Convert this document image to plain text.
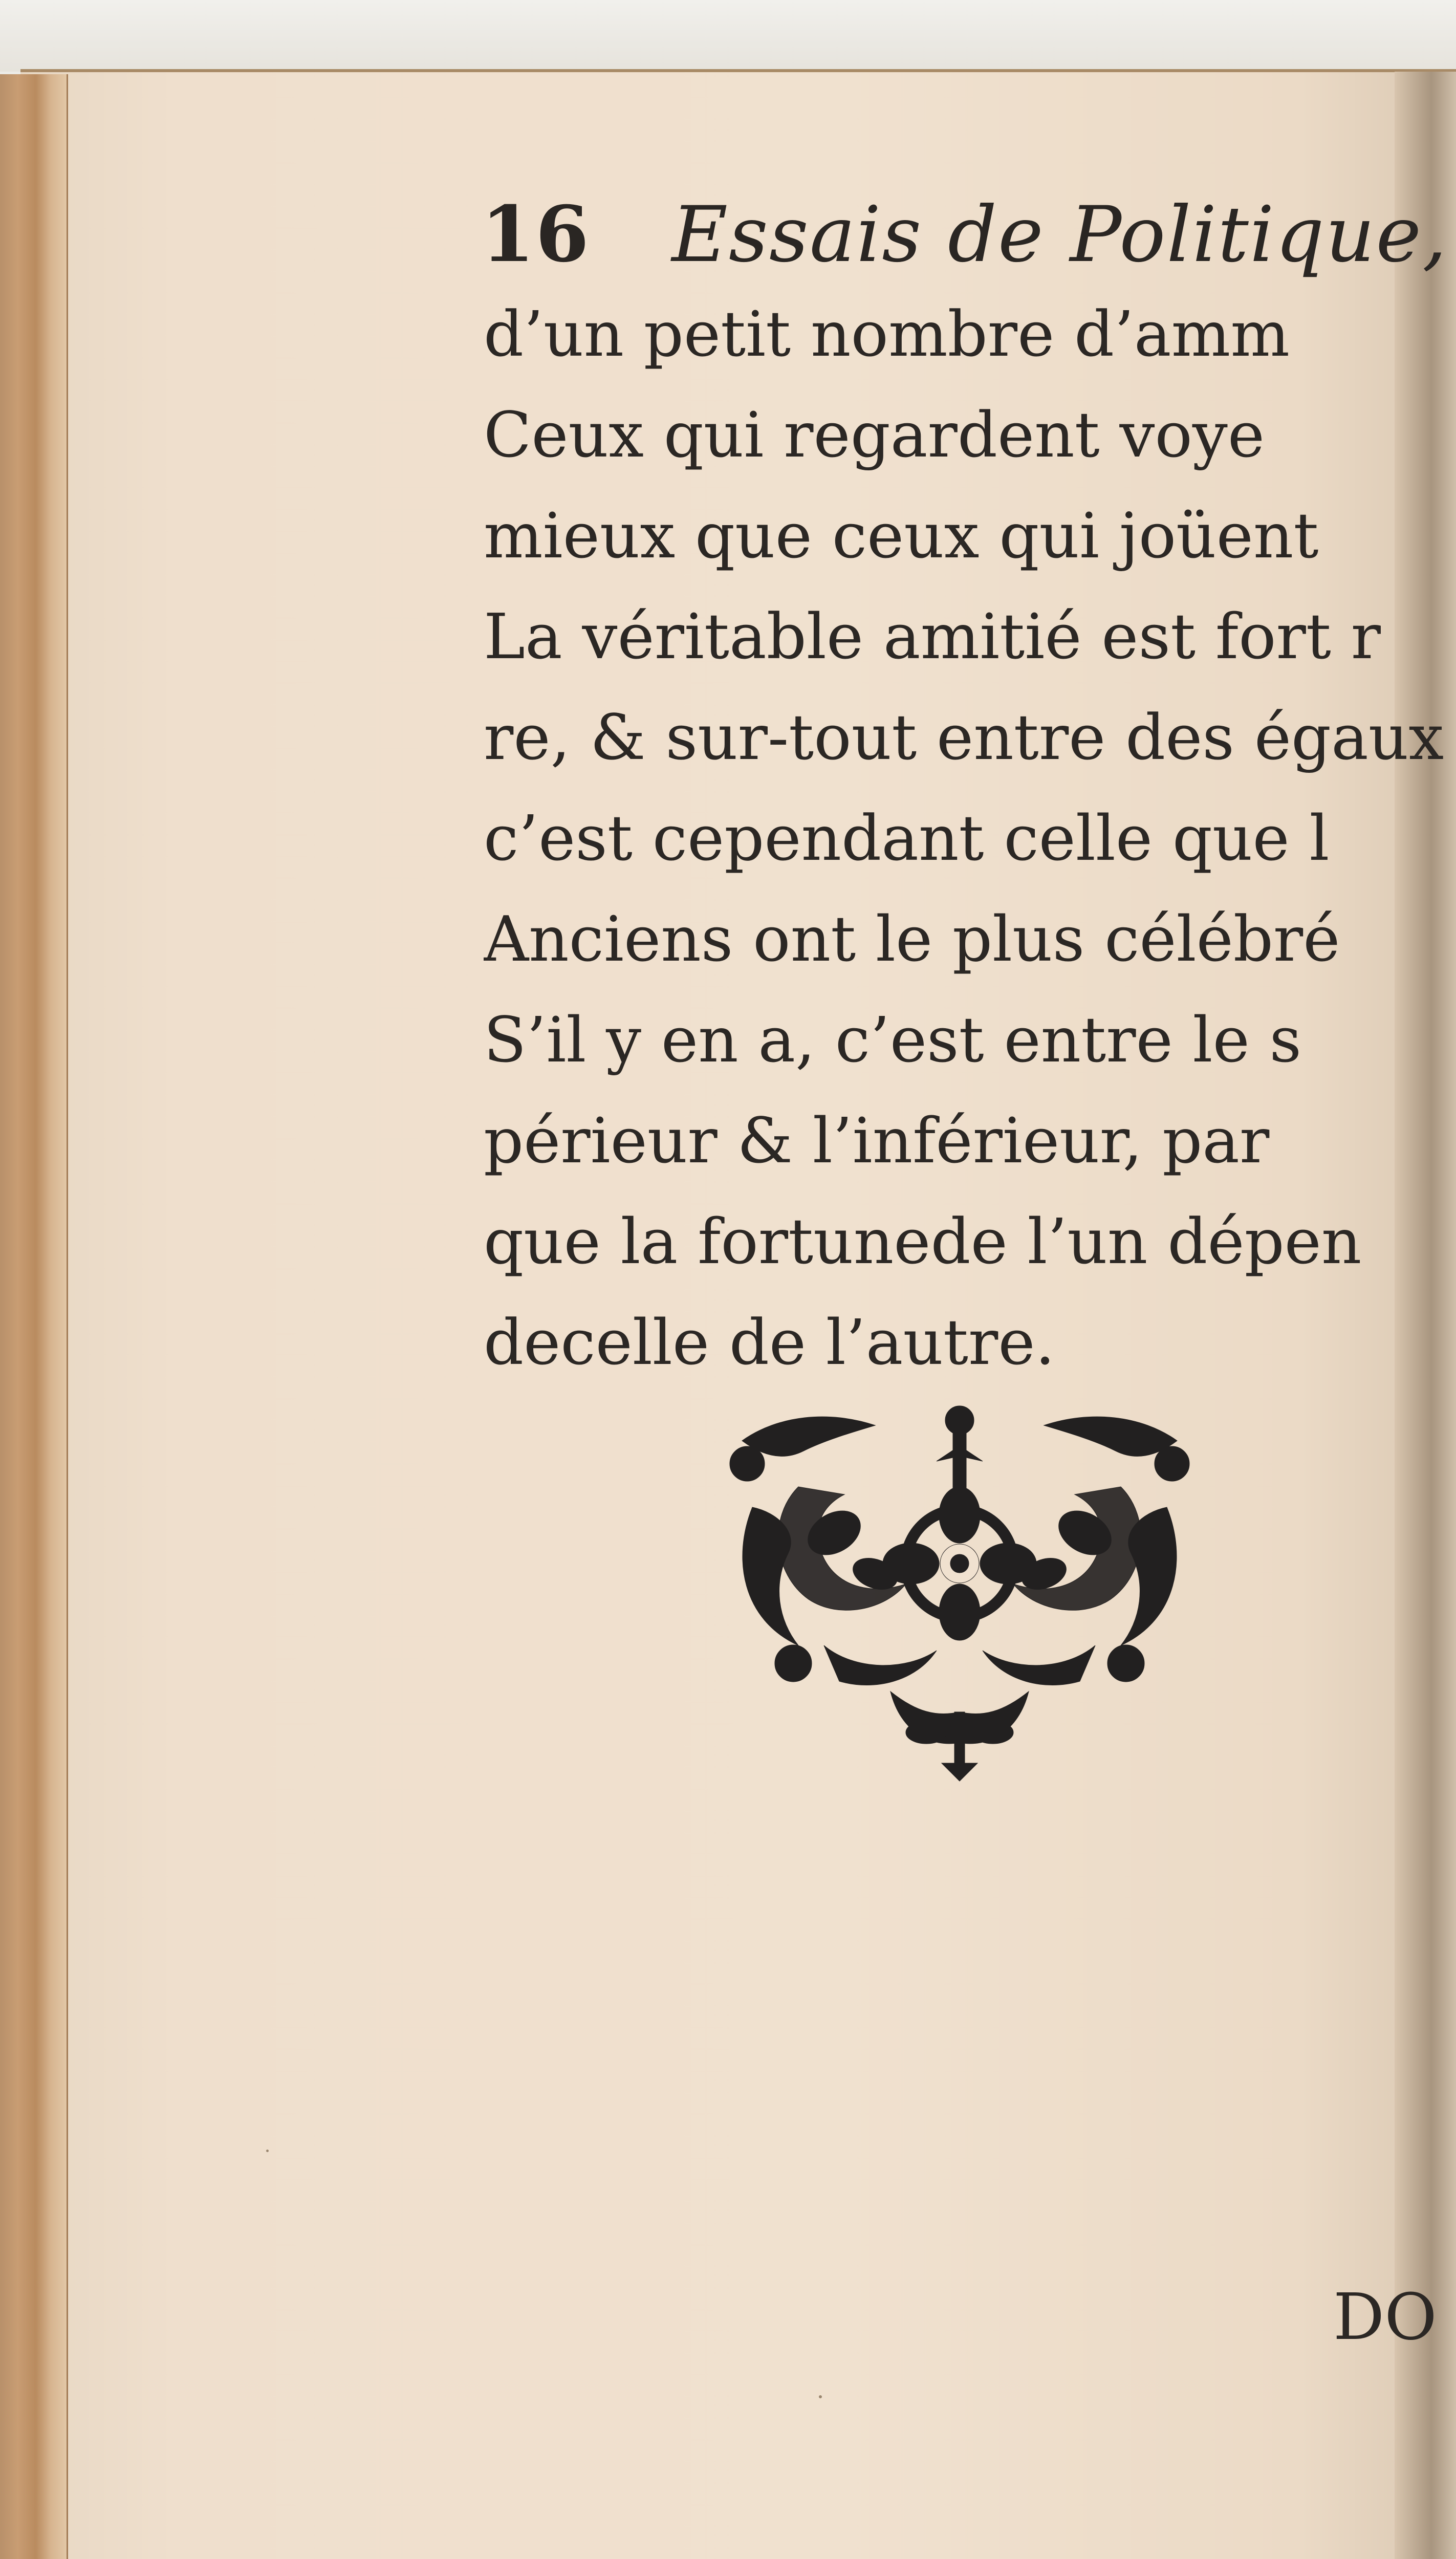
16 Essais de Politique,
d’un petit nombre d’amm
Ceux qui regardent voye
mieux que ceux qui joüent
La véritable amitié est fort r
re, & sur-tout entre des égaux
c’est cependant celle que l
Anciens ont le plus célébré
S’il y en a, c’est entre le s
périeur & l’inférieur, par
que la fortunede l’un dépen
decelle de l’autre.
DO
